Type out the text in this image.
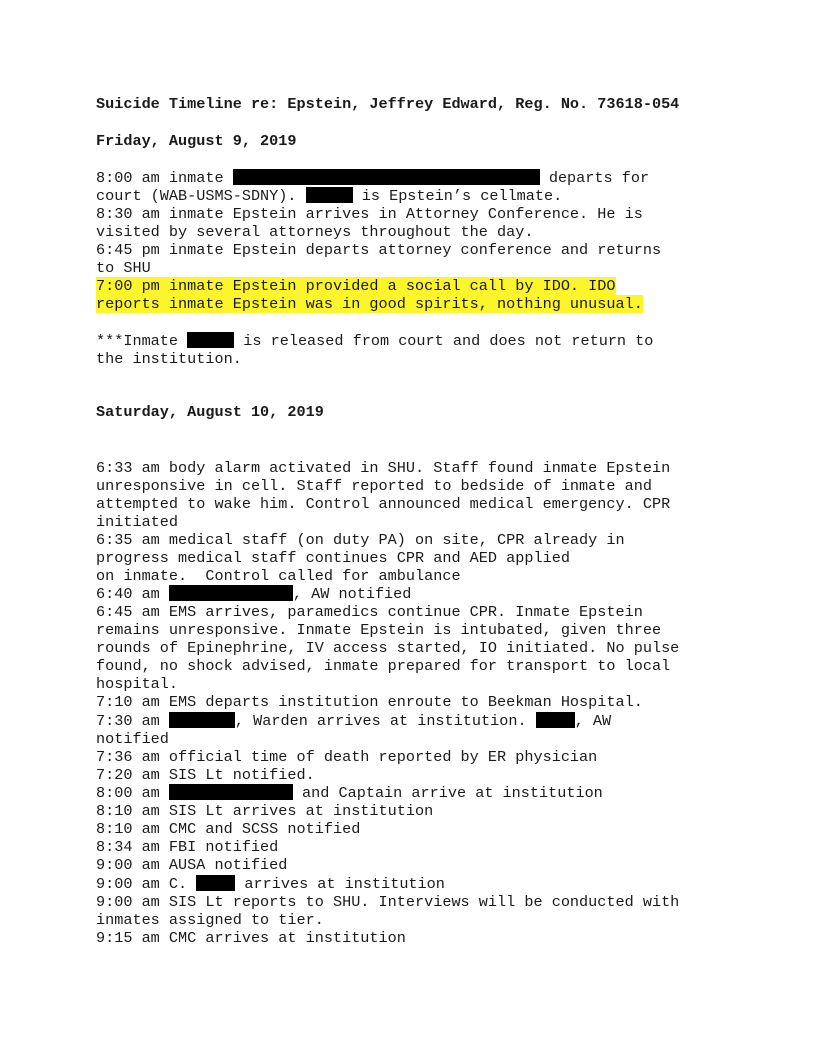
Suicide Timeline re: Epstein, Jeffrey Edward, Reg. No. 73618-054
Friday, August 9, 2019
8:00 am inmate	departs for
court (WAB-USMS-SDNY).	is Epstein’s cellmate.
8:30 am inmate Epstein arrives in Attorney Conference. He is
visited by several attorneys throughout the day.
6:45 pm inmate Epstein departs attorney conference and returns
to SHU
7:00 pm inmate Epstein provided a social call by IDO. IDO
reports inmate Epstein was in good spirits, nothing unusual.
***Inmate	is released from court and does not return to
the institution.
Saturday, August 10, 2019
6:33 am body alarm activated in SHU. Staff found inmate Epstein
unresponsive in cell. Staff reported to bedside of inmate and
attempted to wake him. Control announced medical emergency. CPR
initiated
6:35 am medical staff (on duty PA) on site, CPR already in
progress medical staff continues CPR and AED applied
on inmate.  Control called for ambulance
6:40 am	, AW notified
6:45 am EMS arrives, paramedics continue CPR. Inmate Epstein
remains unresponsive. Inmate Epstein is intubated, given three
rounds of Epinephrine, IV access started, IO initiated. No pulse
found, no shock advised, inmate prepared for transport to local
hospital.
7:10 am EMS departs institution enroute to Beekman Hospital.
7:30 am	, Warden arrives at institution.	, AW
notified
7:36 am official time of death reported by ER physician
7:20 am SIS Lt notified.
8:00 am	and Captain arrive at institution
8:10 am SIS Lt arrives at institution
8:10 am CMC and SCSS notified
8:34 am FBI notified
9:00 am AUSA notified
9:00 am C.	arrives at institution
9:00 am SIS Lt reports to SHU. Interviews will be conducted with
inmates assigned to tier.
9:15 am CMC arrives at institution
